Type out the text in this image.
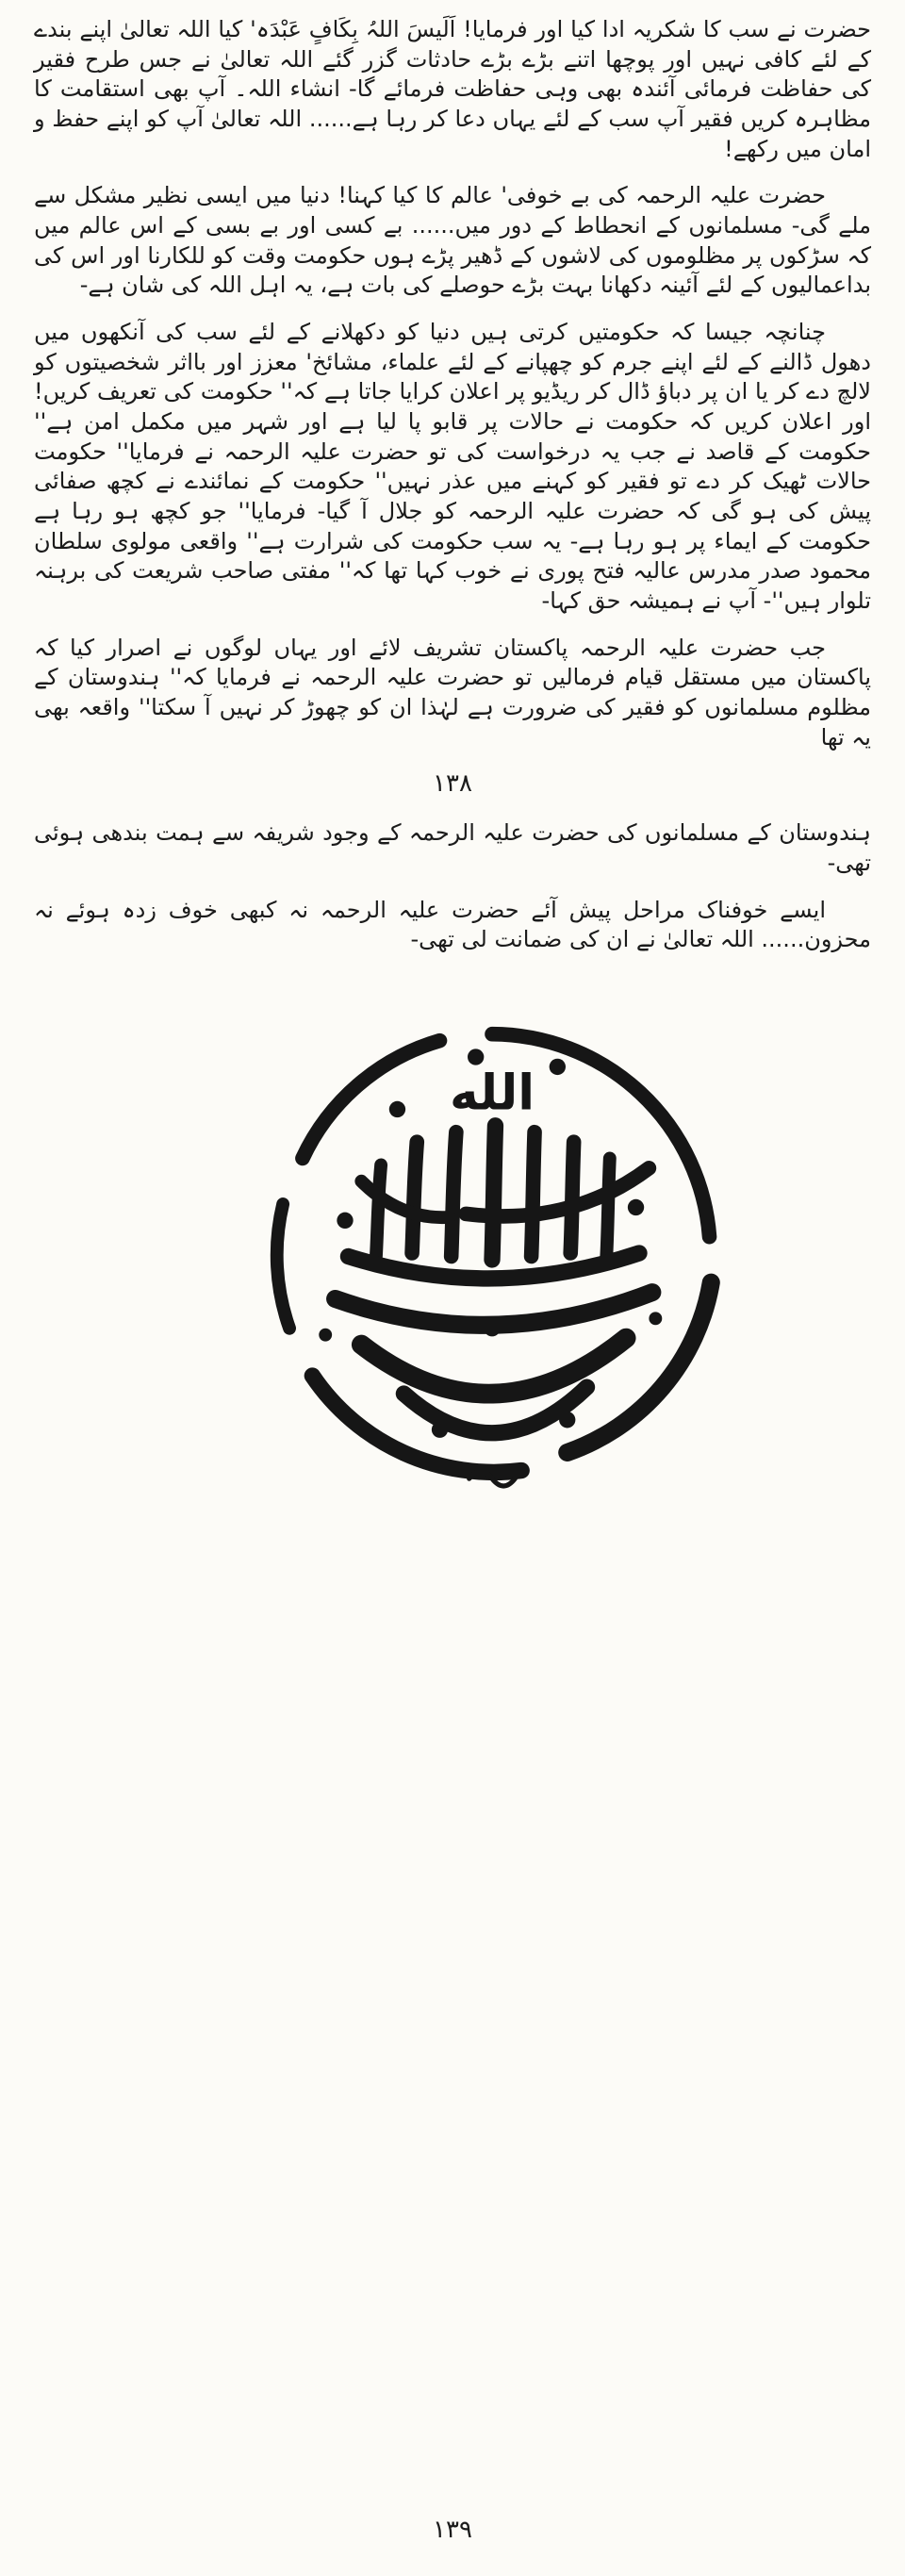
حضرت نے سب کا شکریہ ادا کیا اور فرمایا! اَلَیسَ اللہُ بِکَافٍ عَبْدَہ' کیا اللہ تعالیٰ اپنے بندے کے لئے کافی نہیں اور پوچھا اتنے بڑے بڑے حادثات گزر گئے اللہ تعالیٰ نے جس طرح فقیر کی حفاظت فرمائی آئندہ بھی وہی حفاظت فرمائے گا- انشاء اللہ۔ آپ بھی استقامت کا مظاہرہ کریں فقیر آپ سب کے لئے یہاں دعا کر رہا ہے...... اللہ تعالیٰ آپ کو اپنے حفظ و امان میں رکھے!

حضرت علیہ الرحمہ کی بے خوفی' عالم کا کیا کہنا! دنیا میں ایسی نظیر مشکل سے ملے گی- مسلمانوں کے انحطاط کے دور میں...... بے کسی اور بے بسی کے اس عالم میں کہ سڑکوں پر مظلوموں کی لاشوں کے ڈھیر پڑے ہوں حکومت وقت کو للکارنا اور اس کی بداعمالیوں کے لئے آئینہ دکھانا بہت بڑے حوصلے کی بات ہے، یہ اہل اللہ کی شان ہے-

چنانچہ جیسا کہ حکومتیں کرتی ہیں دنیا کو دکھلانے کے لئے سب کی آنکھوں میں دھول ڈالنے کے لئے اپنے جرم کو چھپانے کے لئے علماء، مشائخ' معزز اور بااثر شخصیتوں کو لالچ دے کر یا ان پر دباؤ ڈال کر ریڈیو پر اعلان کرایا جاتا ہے کہ'' حکومت کی تعریف کریں! اور اعلان کریں کہ حکومت نے حالات پر قابو پا لیا ہے اور شہر میں مکمل امن ہے'' حکومت کے قاصد نے جب یہ درخواست کی تو حضرت علیہ الرحمہ نے فرمایا'' حکومت حالات ٹھیک کر دے تو فقیر کو کہنے میں عذر نہیں'' حکومت کے نمائندے نے کچھ صفائی پیش کی ہو گی کہ حضرت علیہ الرحمہ کو جلال آ گیا- فرمایا'' جو کچھ ہو رہا ہے حکومت کے ایماء پر ہو رہا ہے- یہ سب حکومت کی شرارت ہے'' واقعی مولوی سلطان محمود صدر مدرس عالیہ فتح پوری نے خوب کہا تھا کہ'' مفتی صاحب شریعت کی برہنہ تلوار ہیں''- آپ نے ہمیشہ حق کہا-

جب حضرت علیہ الرحمہ پاکستان تشریف لائے اور یہاں لوگوں نے اصرار کیا کہ پاکستان میں مستقل قیام فرمالیں تو حضرت علیہ الرحمہ نے فرمایا کہ'' ہندوستان کے مظلوم مسلمانوں کو فقیر کی ضرورت ہے لہٰذا ان کو چھوڑ کر نہیں آ سکتا'' واقعہ بھی یہ تھا

۱۳۸

ہندوستان کے مسلمانوں کی حضرت علیہ الرحمہ کے وجود شریفہ سے ہمت بندھی ہوئی تھی-

ایسے خوفناک مراحل پیش آئے حضرت علیہ الرحمہ نہ کبھی خوف زدہ ہوئے نہ محزون...... اللہ تعالیٰ نے ان کی ضمانت لی تھی-

الله
۱۳۹
